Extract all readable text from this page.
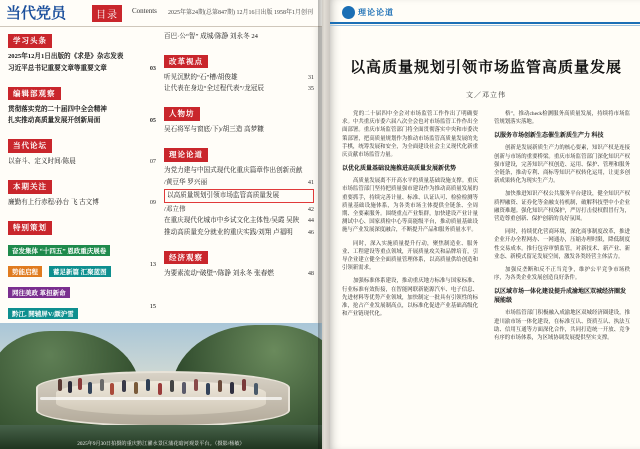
当代党员	目录	Contents 2025年第24期(总第847期) 12月16日出版 1958年1月创刊
学习头条
2025年12月1日出版的《求是》杂志发表
03
习近平总书记重要文章等重要文章
编辑部观察
贯彻落实党的二十届四中全会精神
05
扎实推动高质量发展开创新局面
当代论坛
07
以奋斗、定义时间/陈晨
本期关注
09
廉勤有上行赤程/孙台 飞 古文博
特别策划
奋发集体 “十四五” 恩政重庆展卷
13
势能启程 蓄足新篇 汇聚蓝图
网往美政 革担新命
15
黔江, 開辅屏V/颜沪雪
百巴·公“智” 成城/陈静 刘永冬 24
改革视点
31
听见沉默的“石”槽/胡俊雄
35
让代表在身边“全过程代表”/龙冠辰
人物坊
吴石将军与窗底/下)/胡三造 高梦糠
理论论道
为党力建与中国式现代化重庆篇章作出创新贡献
41
/黄豆华 罗兴丽
以高质量规划引领市场监管高质量发展
42
/邓立伟
44
在重庆现代化城市中乡试文化主体性/吴霞 吴陕
46
推动高质量充分就业的重庆实践/刘翔 卢福明
经济观察
48
为要素流动“破壁”/陈静 刘永冬 张春燃
2025年9月30日拍摄的重庆黔江濯水景区蒲花暗河观景平台。（摄影/杨敏）
理论论道
以高质量规划引领市场监管高质量发展
文／邓立伟

党的二十届四中全会对市场监管工作作出了明确要求。中共重庆市委六届八次全会也对市场监管工作作出全面部署。重庆市场监管部门将全面贯彻落实中央和市委决策部署，把高质量规划作为推动市场监管高质量发展的先手棋，统筹发展和安全，为全面建设社会主义现代化新重庆贡献市场监管力量。

以优化质量基础设施推进高质量发展新优势

高质量发展离不开高水平的质量基础设施支撑。重庆市场监管部门坚持把质量强市建设作为推动高质量发展的重要抓手，持续完善计量、标准、认证认可、检验检测等质量基础设施体系，为各类市场主体提供全链条、全周期、全要素服务。围绕重点产业集群，加快建设产业计量测试中心、国家质检中心等高能级平台，推动质量基础设施与产业发展深度融合，不断提升产品和服务质量水平。

同时，深入实施质量提升行动，聚焦制造业、服务业、工程建设等重点领域，开展质量攻关和品牌培育，引导企业建立健全全面质量管理体系，以高质量供给创造和引领新需求。

加强标准体系建设，推动重庆地方标准与国家标准、行业标准有效衔接，在智能网联新能源汽车、电子信息、先进材料等优势产业领域，加快制定一批具有引领性的标准，抢占产业发展制高点，以标准化促进产业基础高级化和产业链现代化。

格”，推动check检测服务高质量发展，持续将市场监管规划落实落地。

以服务市场创新生态催生新质生产力 科技

创新是发展新质生产力的核心要素，知识产权是连接创新与市场的重要桥梁。重庆市场监管部门深化知识产权强市建设，完善知识产权创造、运用、保护、管理和服务全链条，推动专利、商标等知识产权转化运用，让更多创新成果转化为现实生产力。

加快推进知识产权公共服务平台建设，健全知识产权质押融资、证券化等金融支持机制，破解科技型中小企业融资难题。强化知识产权保护，严厉打击侵权假冒行为，营造尊重创新、保护创新的良好氛围。

同时，持续优化营商环境，深化商事制度改革，推进企业开办全程网办、一网通办，压缩办理时限，降低制度性交易成本。推行包容审慎监管，对新技术、新产业、新业态、新模式留足发展空间，激发各类经营主体活力。

加强反垄断和反不正当竞争，维护公平竞争市场秩序，为各类企业发展创造良好条件。

以区域市场一体化建设提升成渝地区双城经济圈发展能级

市场监管部门积极融入成渝地区双城经济圈建设，推进川渝市场一体化建设，在标准互认、资质互认、执法互助、信用互通等方面深化合作，共同打造统一开放、竞争有序的市场体系，为区域协调发展提供坚实支撑。
